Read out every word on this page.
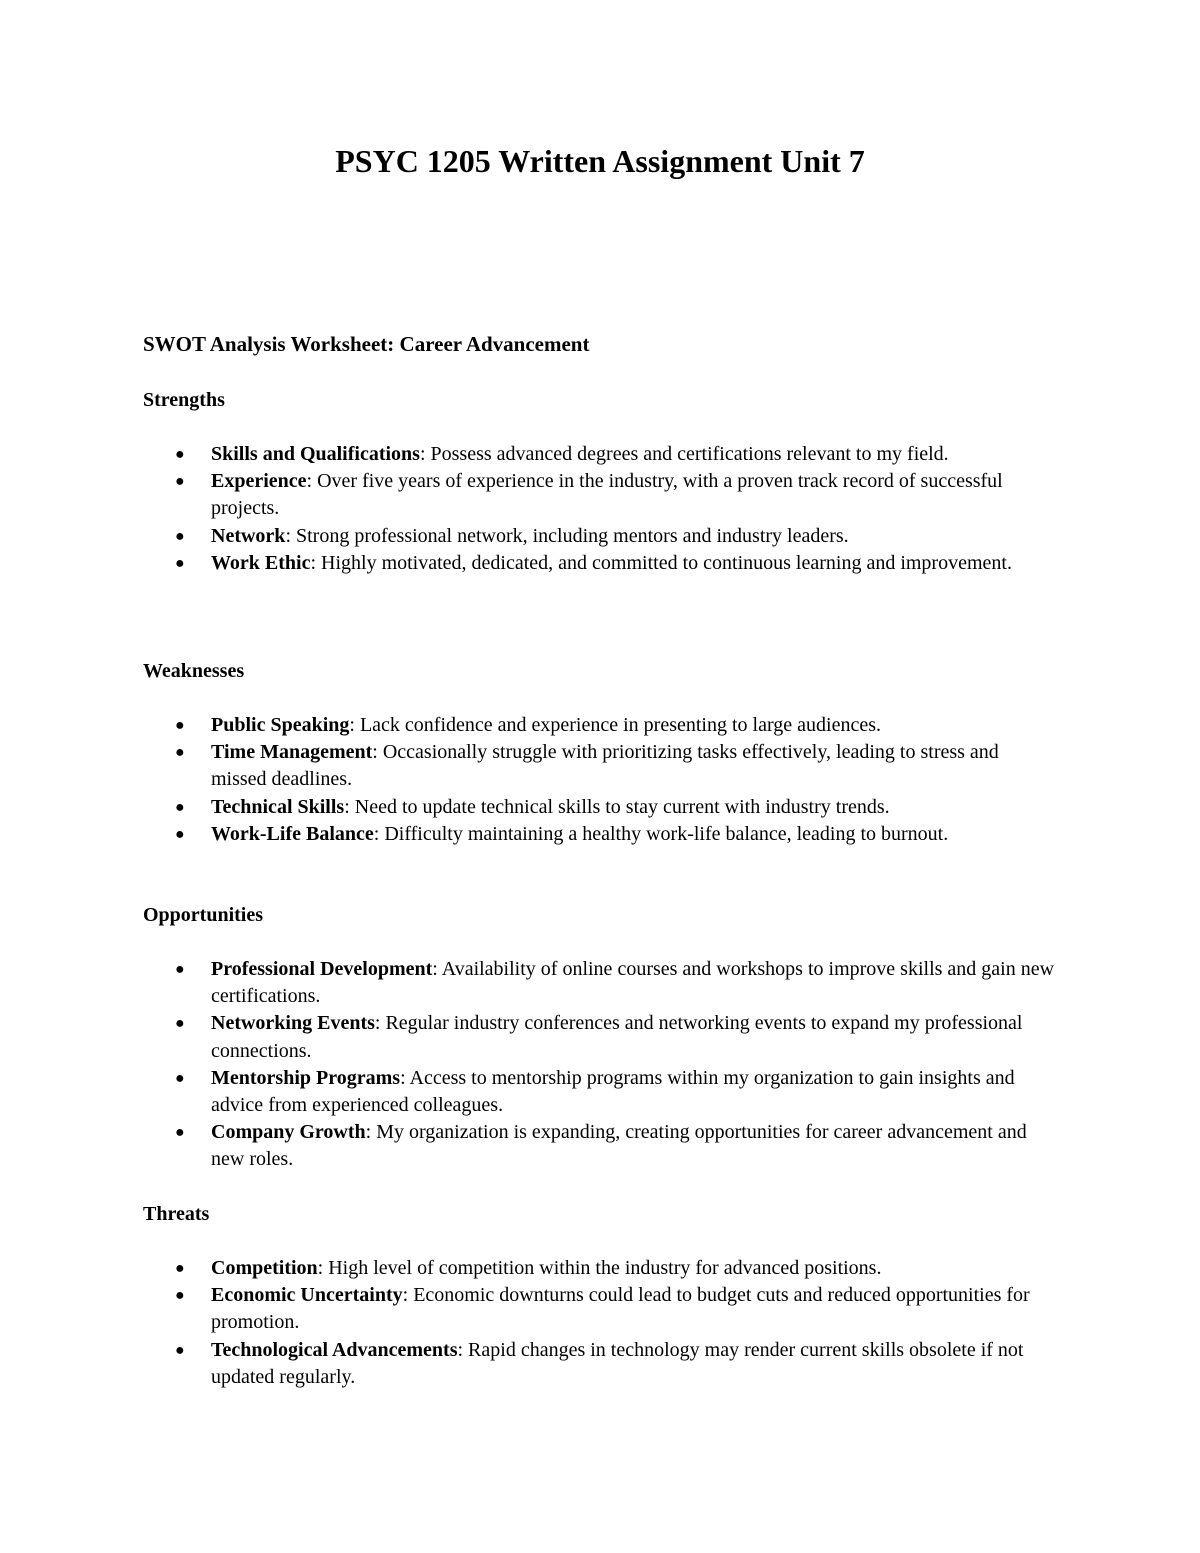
PSYC 1205 Written Assignment Unit 7
SWOT Analysis Worksheet: Career Advancement
Strengths
● Skills and Qualifications: Possess advanced degrees and certifications relevant to my field.
● Experience: Over five years of experience in the industry, with a proven track record of successful projects.
● Network: Strong professional network, including mentors and industry leaders.
● Work Ethic: Highly motivated, dedicated, and committed to continuous learning and improvement.
Weaknesses
● Public Speaking: Lack confidence and experience in presenting to large audiences.
● Time Management: Occasionally struggle with prioritizing tasks effectively, leading to stress and missed deadlines.
● Technical Skills: Need to update technical skills to stay current with industry trends.
● Work-Life Balance: Difficulty maintaining a healthy work-life balance, leading to burnout.
Opportunities
● Professional Development: Availability of online courses and workshops to improve skills and gain new certifications.
● Networking Events: Regular industry conferences and networking events to expand my professional connections.
● Mentorship Programs: Access to mentorship programs within my organization to gain insights and advice from experienced colleagues.
● Company Growth: My organization is expanding, creating opportunities for career advancement and new roles.
Threats
● Competition: High level of competition within the industry for advanced positions.
● Economic Uncertainty: Economic downturns could lead to budget cuts and reduced opportunities for promotion.
● Technological Advancements: Rapid changes in technology may render current skills obsolete if not updated regularly.
